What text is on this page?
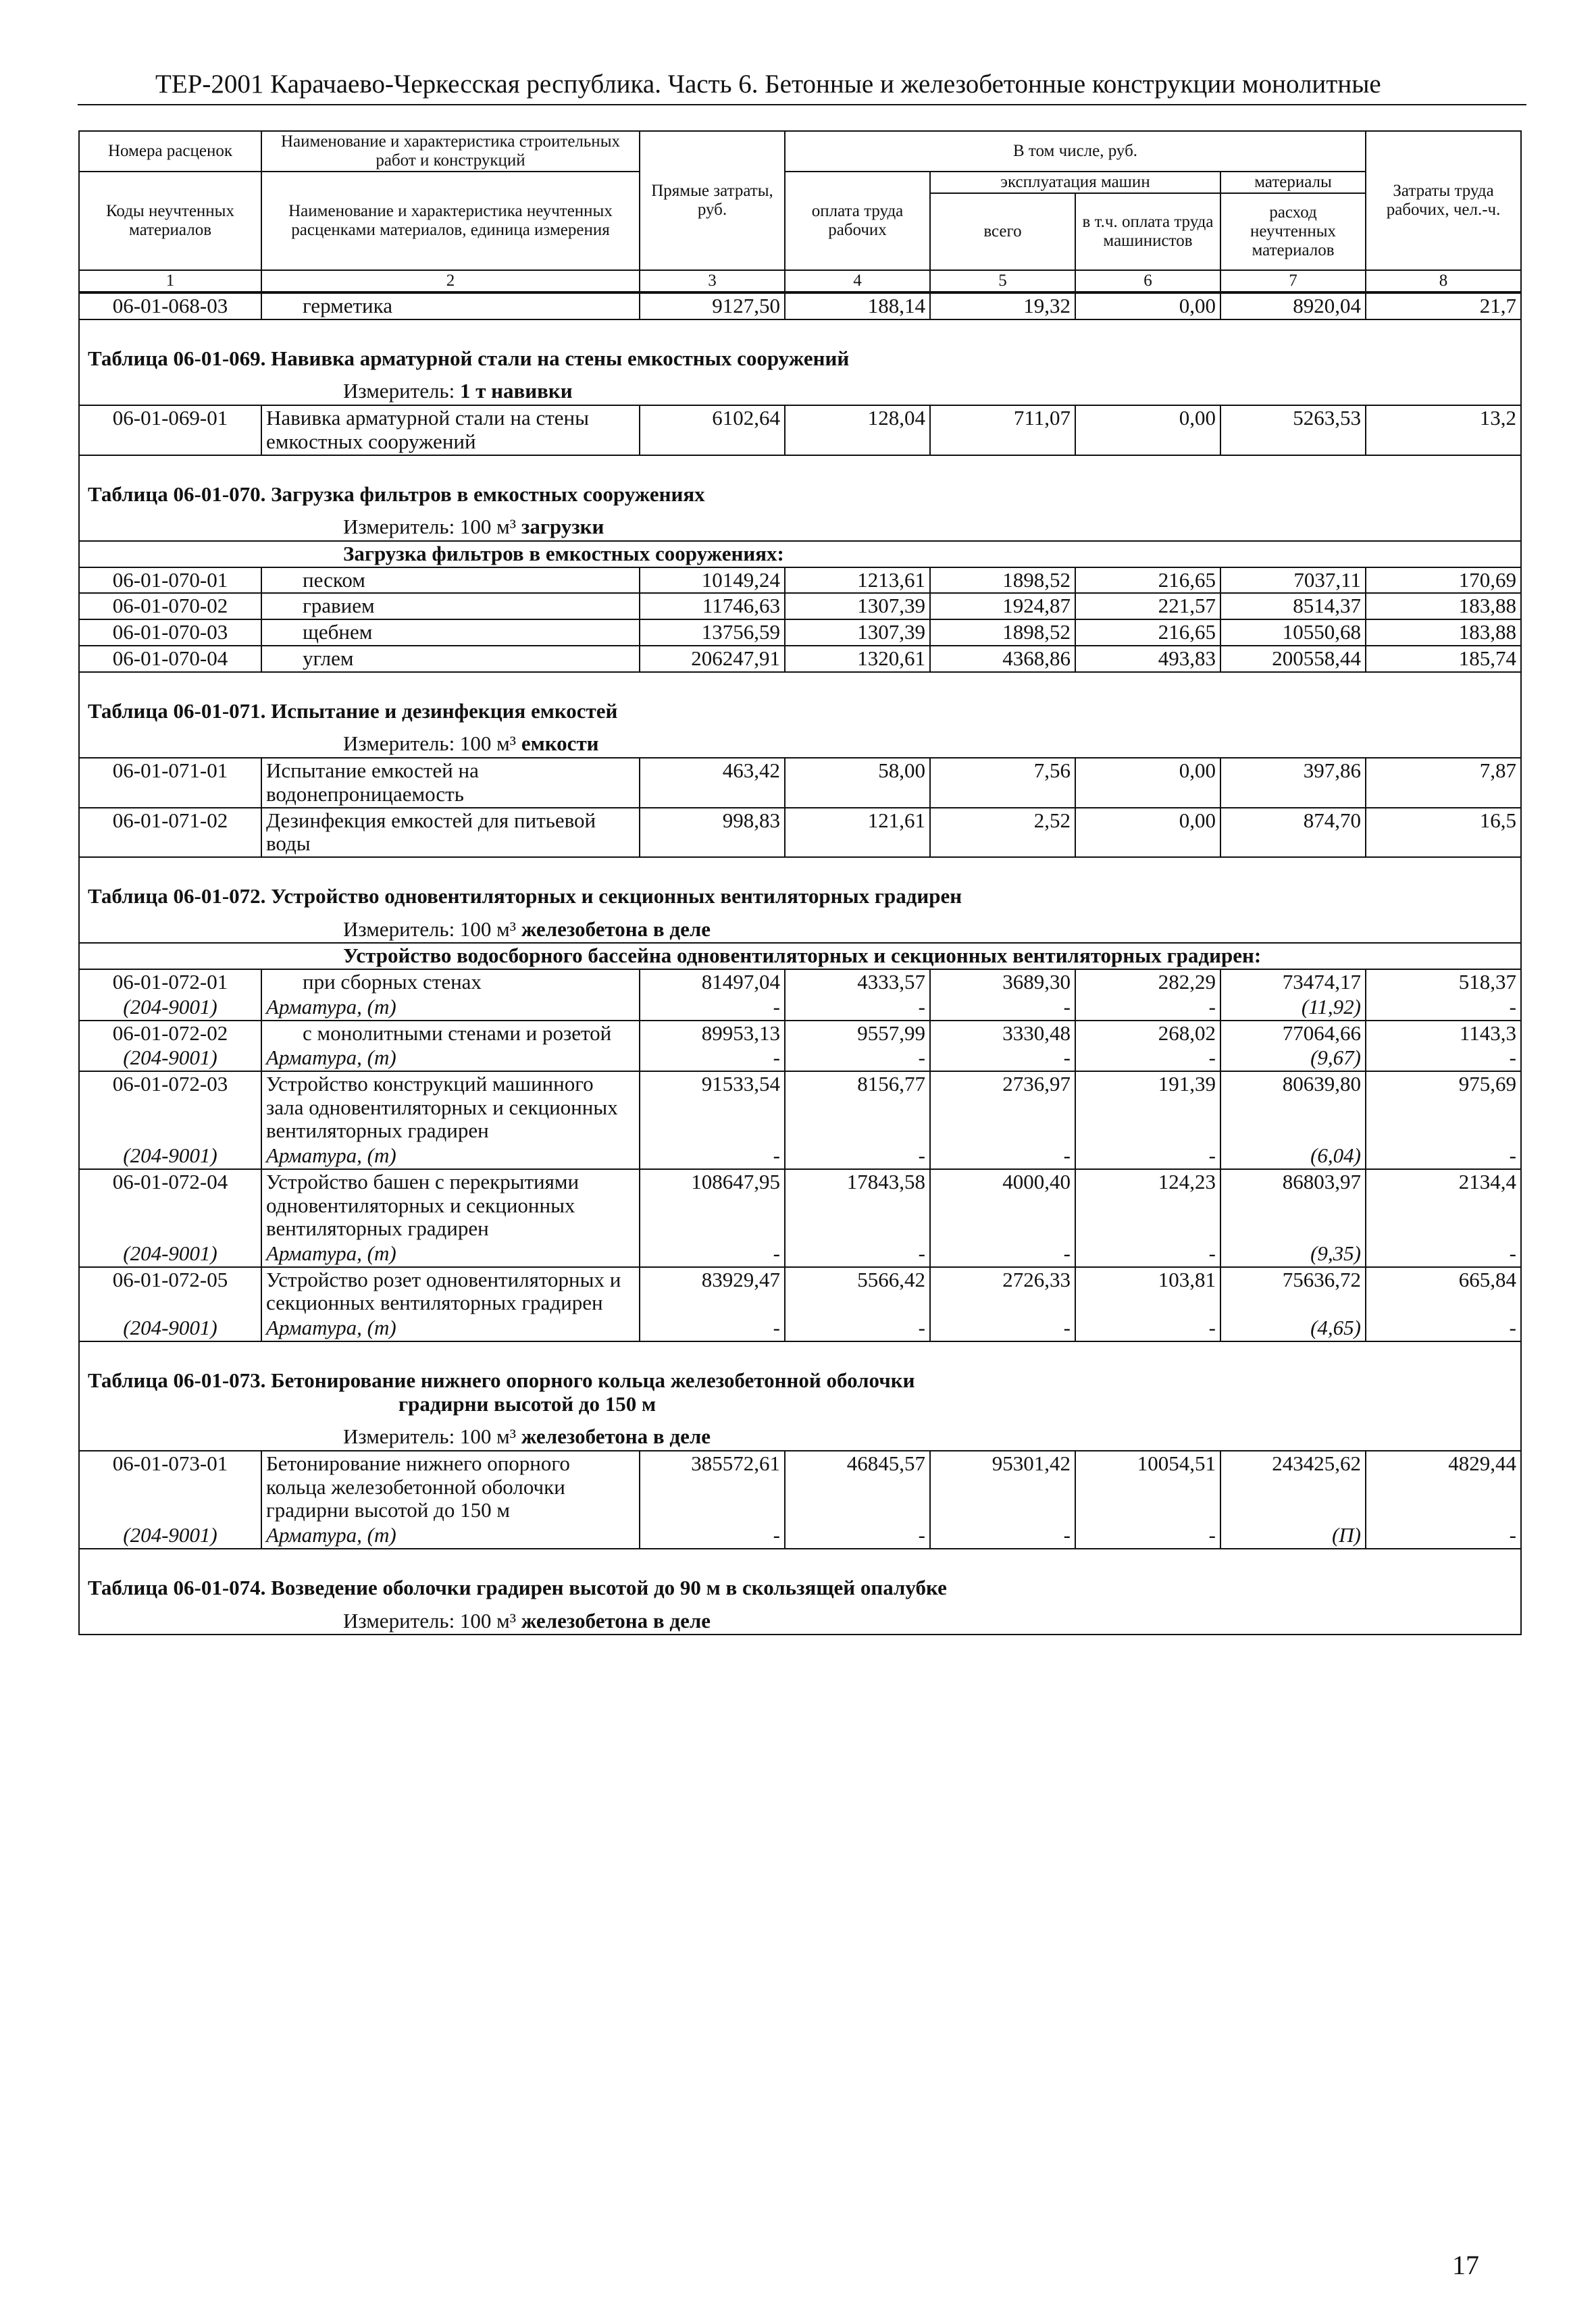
ТЕР-2001 Карачаево-Черкесская республика. Часть 6. Бетонные и железобетонные конструкции монолитные
Номера расценок	Наименование и характеристика строительных работ и конструкций	Прямые затраты, руб.	В том числе, руб.				Затраты труда рабочих, чел.-ч.
Коды неучтенных материалов	Наименование и характеристика неучтенных расценками материалов, единица измерения		оплата труда рабочих	эксплуатация машин		материалы	
				всего	в т.ч. оплата труда машинистов	расход неучтенных материалов	
1	2	3	4	5	6	7	8
06-01-068-03	герметика	9127,50	188,14	19,32	0,00	8920,04	21,7
Таблица 06-01-069. Навивка арматурной стали на стены емкостных сооружений							
Измеритель: 1 т навивки							
06-01-069-01	Навивка арматурной стали на стены емкостных сооружений	6102,64	128,04	711,07	0,00	5263,53	13,2
Таблица 06-01-070. Загрузка фильтров в емкостных сооружениях							
Измеритель: 100 м³ загрузки							
Загрузка фильтров в емкостных сооружениях:							
06-01-070-01	песком	10149,24	1213,61	1898,52	216,65	7037,11	170,69
06-01-070-02	гравием	11746,63	1307,39	1924,87	221,57	8514,37	183,88
06-01-070-03	щебнем	13756,59	1307,39	1898,52	216,65	10550,68	183,88
06-01-070-04	углем	206247,91	1320,61	4368,86	493,83	200558,44	185,74
Таблица 06-01-071. Испытание и дезинфекция емкостей							
Измеритель: 100 м³ емкости							
06-01-071-01	Испытание емкостей на водонепроницаемость	463,42	58,00	7,56	0,00	397,86	7,87
06-01-071-02	Дезинфекция емкостей для питьевой воды	998,83	121,61	2,52	0,00	874,70	16,5
Таблица 06-01-072. Устройство одновентиляторных и секционных вентиляторных градирен							
Измеритель: 100 м³ железобетона в деле							
Устройство водосборного бассейна одновентиляторных и секционных вентиляторных градирен:							
06-01-072-01	при сборных стенах	81497,04	4333,57	3689,30	282,29	73474,17	518,37
(204-9001)	Арматура, (т)	-	-	-	-	(11,92)	-
06-01-072-02	с монолитными стенами и розетой	89953,13	9557,99	3330,48	268,02	77064,66	1143,3
(204-9001)	Арматура, (т)	-	-	-	-	(9,67)	-
06-01-072-03	Устройство конструкций машинного зала одновентиляторных и секционных вентиляторных градирен	91533,54	8156,77	2736,97	191,39	80639,80	975,69
(204-9001)	Арматура, (т)	-	-	-	-	(6,04)	-
06-01-072-04	Устройство башен с перекрытиями одновентиляторных и секционных вентиляторных градирен	108647,95	17843,58	4000,40	124,23	86803,97	2134,4
(204-9001)	Арматура, (т)	-	-	-	-	(9,35)	-
06-01-072-05	Устройство розет одновентиляторных и секционных вентиляторных градирен	83929,47	5566,42	2726,33	103,81	75636,72	665,84
(204-9001)	Арматура, (т)	-	-	-	-	(4,65)	-
Таблица 06-01-073. Бетонирование нижнего опорного кольца железобетонной оболочки
градирни высотой до 150 м							

Измеритель: 100 м³ железобетона в деле							
06-01-073-01	Бетонирование нижнего опорного кольца железобетонной оболочки градирни высотой до 150 м	385572,61	46845,57	95301,42	10054,51	243425,62	4829,44
(204-9001)	Арматура, (т)	-	-	-	-	(П)	-
Таблица 06-01-074. Возведение оболочки градирен высотой до 90 м в скользящей опалубке							
Измеритель: 100 м³ железобетона в деле							
17
